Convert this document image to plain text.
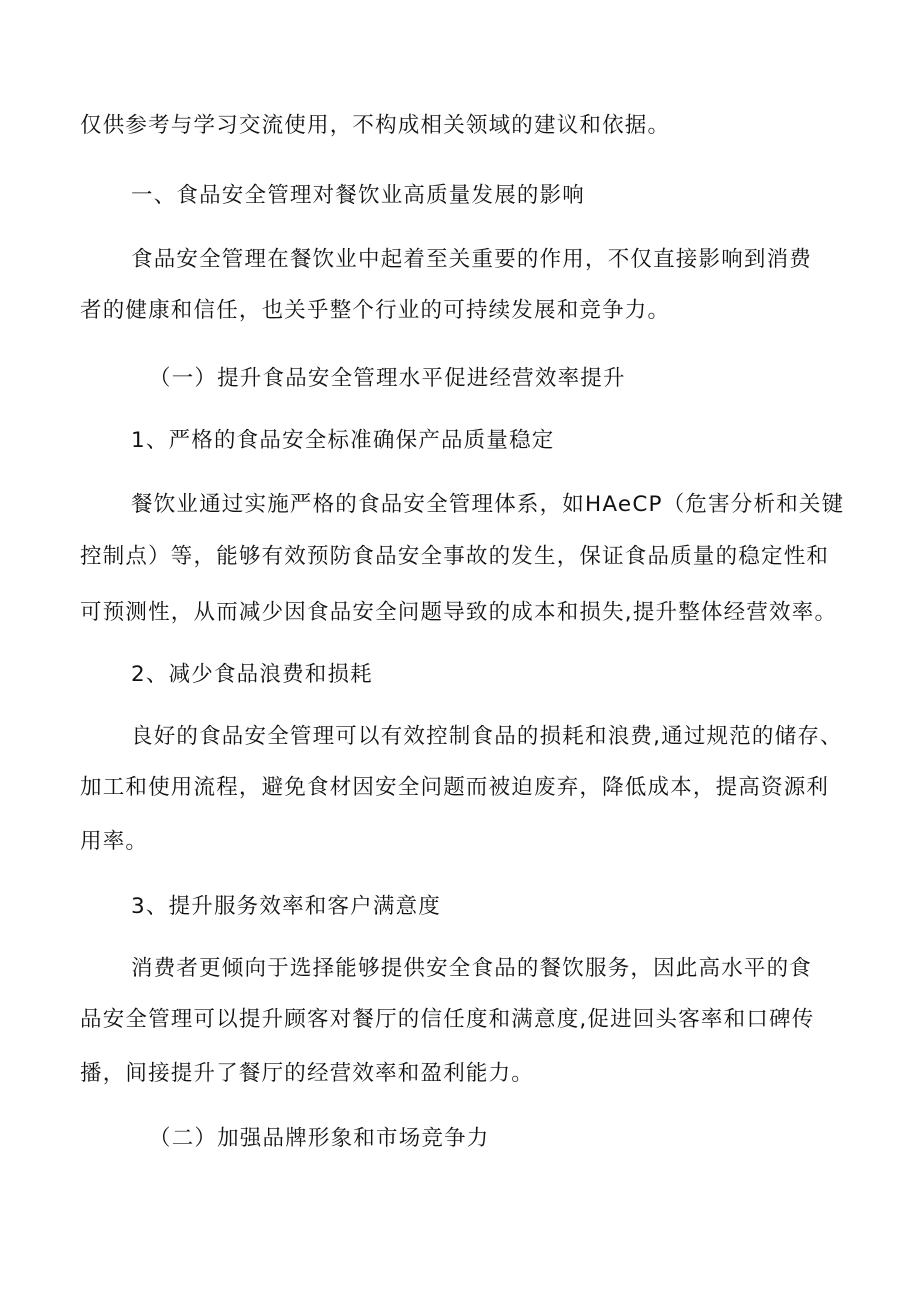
仅供参考与学习交流使用，不构成相关领域的建议和依据。
一、食品安全管理对餐饮业高质量发展的影响
食品安全管理在餐饮业中起着至关重要的作用，不仅直接影响到消费
者的健康和信任，也关乎整个行业的可持续发展和竞争力。
（一）提升食品安全管理水平促进经营效率提升
1、严格的食品安全标准确保产品质量稳定
餐饮业通过实施严格的食品安全管理体系，如HAeCP（危害分析和关键
控制点）等，能够有效预防食品安全事故的发生，保证食品质量的稳定性和
可预测性，从而减少因食品安全问题导致的成本和损失,提升整体经营效率。
2、减少食品浪费和损耗
良好的食品安全管理可以有效控制食品的损耗和浪费,通过规范的储存、
加工和使用流程，避免食材因安全问题而被迫废弃，降低成本，提高资源利
用率。
3、提升服务效率和客户满意度
消费者更倾向于选择能够提供安全食品的餐饮服务，因此高水平的食
品安全管理可以提升顾客对餐厅的信任度和满意度,促进回头客率和口碑传
播，间接提升了餐厅的经营效率和盈利能力。
（二）加强品牌形象和市场竞争力
